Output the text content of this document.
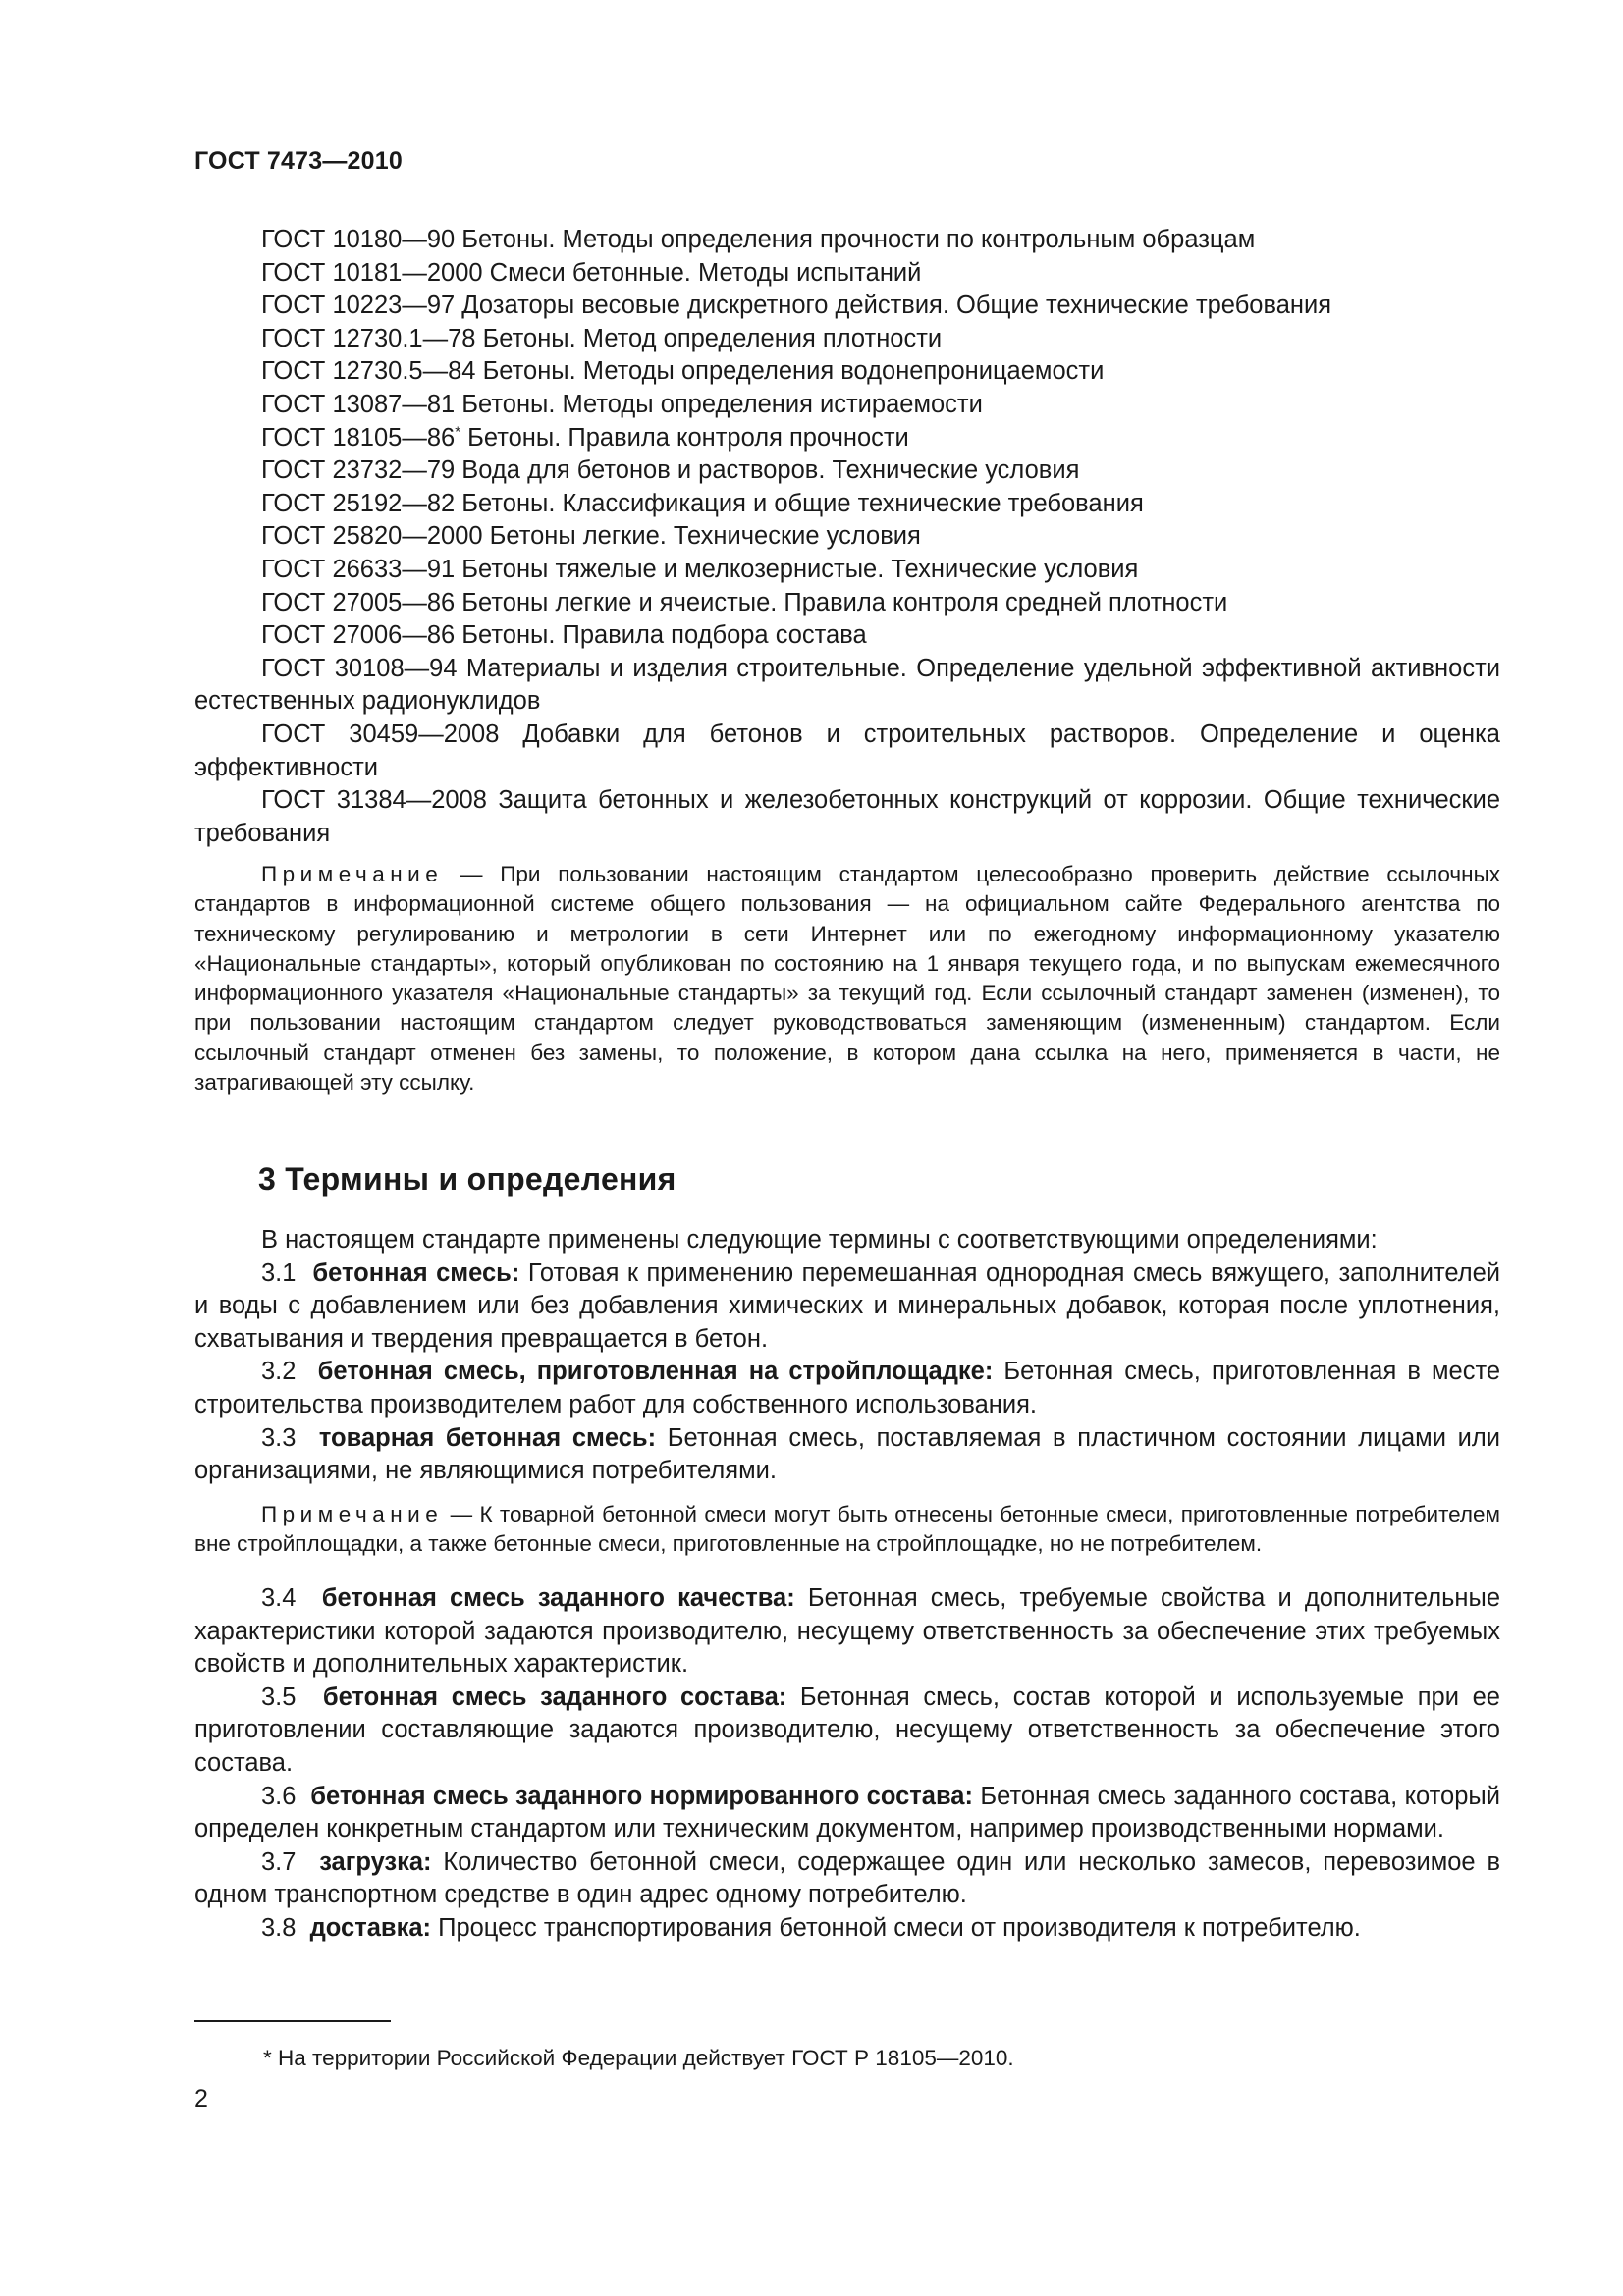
ГОСТ 7473—2010
ГОСТ 10180—90 Бетоны. Методы определения прочности по контрольным образцам
ГОСТ 10181—2000 Смеси бетонные. Методы испытаний
ГОСТ 10223—97 Дозаторы весовые дискретного действия. Общие технические требования
ГОСТ 12730.1—78 Бетоны. Метод определения плотности
ГОСТ 12730.5—84 Бетоны. Методы определения водонепроницаемости
ГОСТ 13087—81 Бетоны. Методы определения истираемости
ГОСТ 18105—86* Бетоны. Правила контроля прочности
ГОСТ 23732—79 Вода для бетонов и растворов. Технические условия
ГОСТ 25192—82 Бетоны. Классификация и общие технические требования
ГОСТ 25820—2000 Бетоны легкие. Технические условия
ГОСТ 26633—91 Бетоны тяжелые и мелкозернистые. Технические условия
ГОСТ 27005—86 Бетоны легкие и ячеистые. Правила контроля средней плотности
ГОСТ 27006—86 Бетоны. Правила подбора состава
ГОСТ 30108—94 Материалы и изделия строительные. Определение удельной эффективной активности естественных радионуклидов
ГОСТ 30459—2008 Добавки для бетонов и строительных растворов. Определение и оценка эффективности
ГОСТ 31384—2008 Защита бетонных и железобетонных конструкций от коррозии. Общие технические требования
Примечание — При пользовании настоящим стандартом целесообразно проверить действие ссылочных стандартов в информационной системе общего пользования — на официальном сайте Федерального агентства по техническому регулированию и метрологии в сети Интернет или по ежегодному информационному указателю «Национальные стандарты», который опубликован по состоянию на 1 января текущего года, и по выпускам ежемесячного информационного указателя «Национальные стандарты» за текущий год. Если ссылочный стандарт заменен (изменен), то при пользовании настоящим стандартом следует руководствоваться заменяющим (измененным) стандартом. Если ссылочный стандарт отменен без замены, то положение, в котором дана ссылка на него, применяется в части, не затрагивающей эту ссылку.
3 Термины и определения
В настоящем стандарте применены следующие термины с соответствующими определениями:
3.1 бетонная смесь: Готовая к применению перемешанная однородная смесь вяжущего, заполнителей и воды с добавлением или без добавления химических и минеральных добавок, которая после уплотнения, схватывания и твердения превращается в бетон.
3.2 бетонная смесь, приготовленная на стройплощадке: Бетонная смесь, приготовленная в месте строительства производителем работ для собственного использования.
3.3 товарная бетонная смесь: Бетонная смесь, поставляемая в пластичном состоянии лицами или организациями, не являющимися потребителями.
Примечание — К товарной бетонной смеси могут быть отнесены бетонные смеси, приготовленные потребителем вне стройплощадки, а также бетонные смеси, приготовленные на стройплощадке, но не потребителем.
3.4 бетонная смесь заданного качества: Бетонная смесь, требуемые свойства и дополнительные характеристики которой задаются производителю, несущему ответственность за обеспечение этих требуемых свойств и дополнительных характеристик.
3.5 бетонная смесь заданного состава: Бетонная смесь, состав которой и используемые при ее приготовлении составляющие задаются производителю, несущему ответственность за обеспечение этого состава.
3.6 бетонная смесь заданного нормированного состава: Бетонная смесь заданного состава, который определен конкретным стандартом или техническим документом, например производственными нормами.
3.7 загрузка: Количество бетонной смеси, содержащее один или несколько замесов, перевозимое в одном транспортном средстве в один адрес одному потребителю.
3.8 доставка: Процесс транспортирования бетонной смеси от производителя к потребителю.
* На территории Российской Федерации действует ГОСТ Р 18105—2010.
2
